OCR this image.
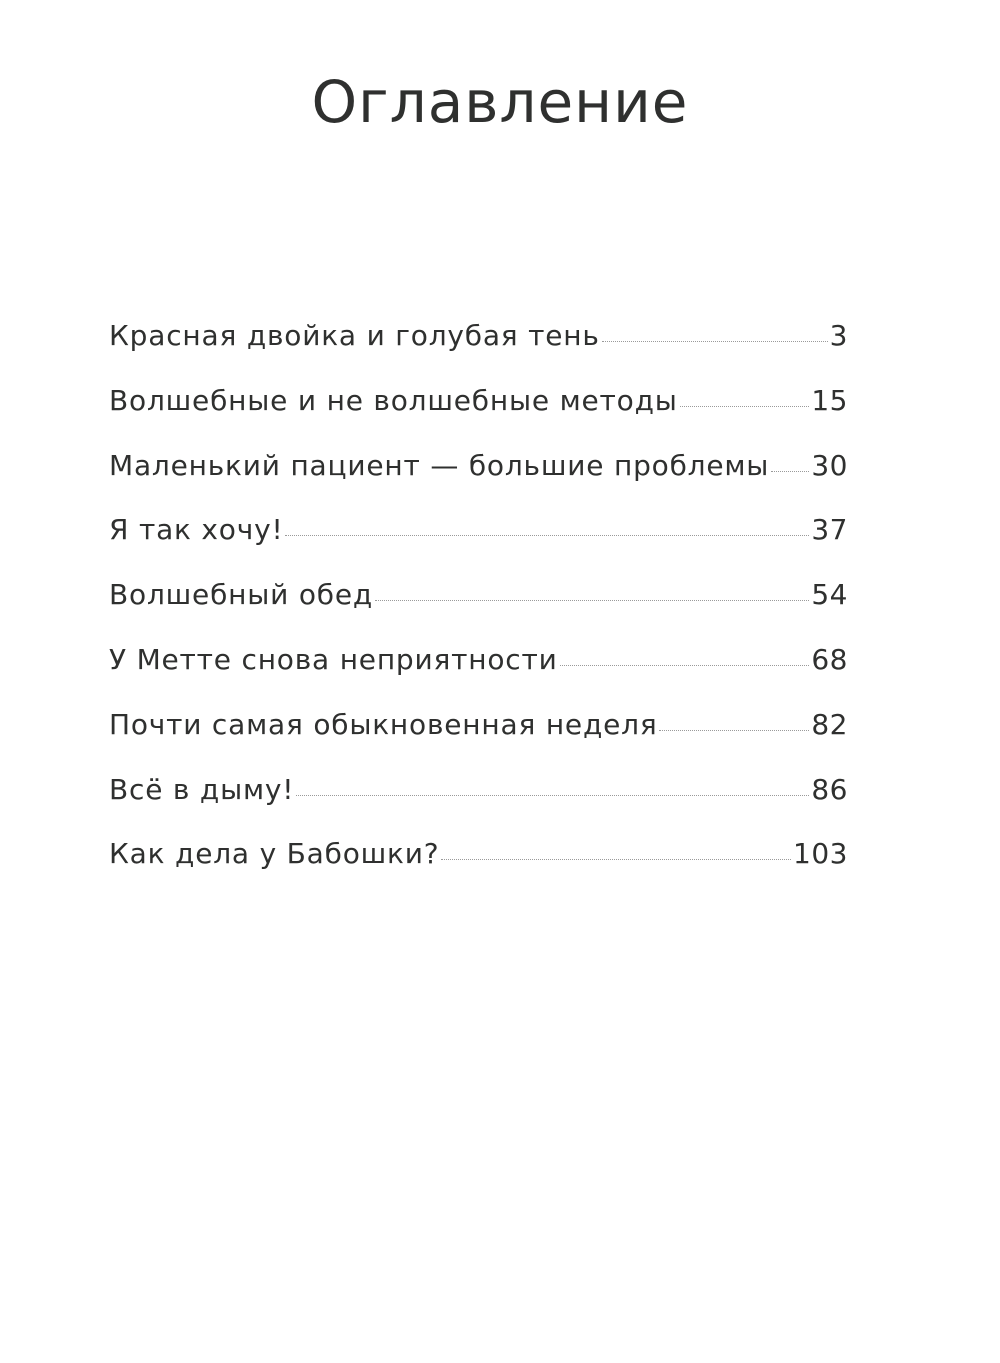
Оглавление
Красная двойка и голубая тень	3
Волшебные и не волшебные методы	15
Маленький пациент — большие проблемы 30
Я так хочу!	37
Волшебный обед	54
У Метте снова неприятности	68
Почти самая обыкновенная неделя	82
Всё в дыму!	86
Как дела у Бабошки?	103
